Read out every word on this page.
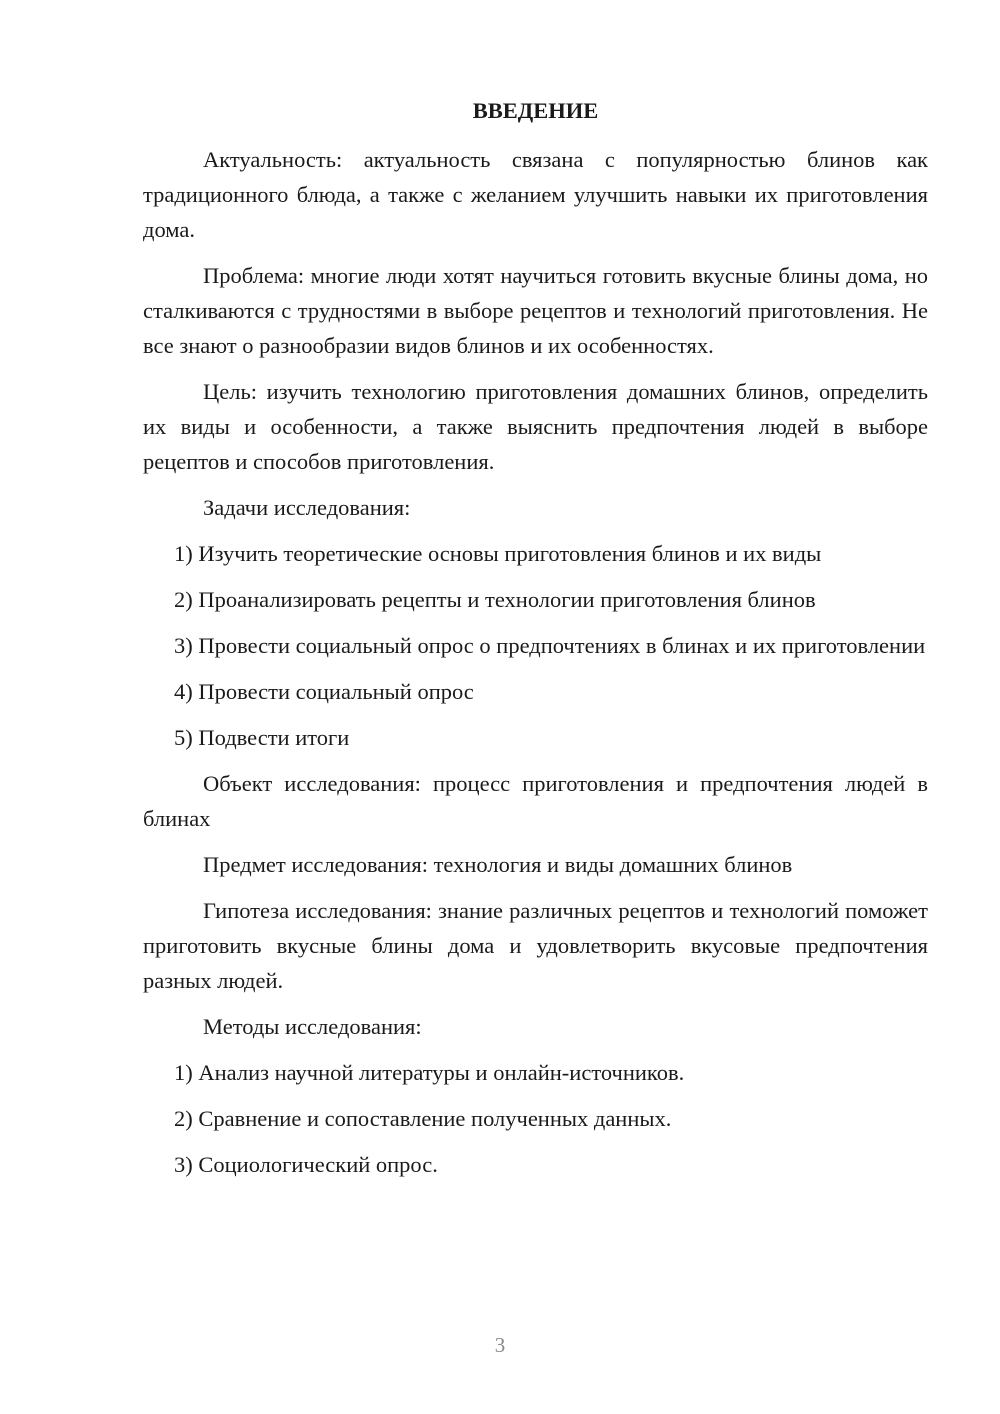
ВВЕДЕНИЕ

Актуальность: актуальность связана с популярностью блинов как традиционного блюда, а также с желанием улучшить навыки их приготовления дома.

Проблема: многие люди хотят научиться готовить вкусные блины дома, но сталкиваются с трудностями в выборе рецептов и технологий приготовления. Не все знают о разнообразии видов блинов и их особенностях.

Цель: изучить технологию приготовления домашних блинов, определить их виды и особенности, а также выяснить предпочтения людей в выборе рецептов и способов приготовления.

Задачи исследования:

1) Изучить теоретические основы приготовления блинов и их виды

2) Проанализировать рецепты и технологии приготовления блинов

3) Провести социальный опрос о предпочтениях в блинах и их приготовлении

4) Провести социальный опрос

5) Подвести итоги

Объект исследования: процесс приготовления и предпочтения людей в блинах

Предмет исследования: технология и виды домашних блинов

Гипотеза исследования: знание различных рецептов и технологий поможет приготовить вкусные блины дома и удовлетворить вкусовые предпочтения разных людей.

Методы исследования:

1) Анализ научной литературы и онлайн-источников.

2) Сравнение и сопоставление полученных данных.

3) Социологический опрос.

3
